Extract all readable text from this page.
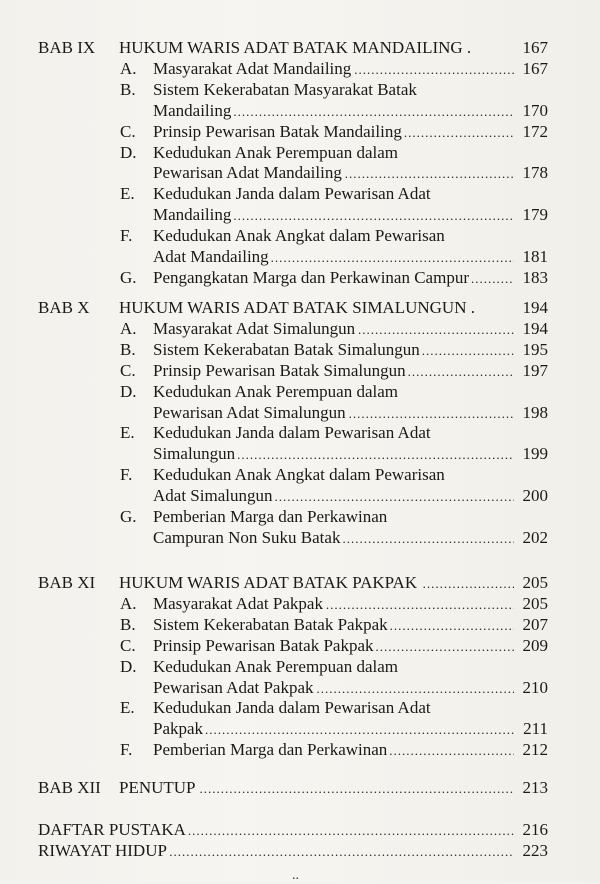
..
BAB IX HUKUM WARIS ADAT BATAK MANDAILING .	167
A. Masyarakat Adat Mandailing	167
.....
B. Sistem Kekerabatan Masyarakat Batak
Mandailing	170
.....
C. Prinsip Pewarisan Batak Mandailing	172
.....
D. Kedudukan Anak Perempuan dalam
Pewarisan Adat Mandailing	178
.....
E. Kedudukan Janda dalam Pewarisan Adat
Mandailing	179
.....
F. Kedudukan Anak Angkat dalam Pewarisan
Adat Mandailing	181
.....
G. Pengangkatan Marga dan Perkawinan Campur	183
.....
BAB X HUKUM WARIS ADAT BATAK SIMALUNGUN .	194
A. Masyarakat Adat Simalungun	194
.....
B. Sistem Kekerabatan Batak Simalungun	195
.....
C. Prinsip Pewarisan Batak Simalungun	197
.....
D. Kedudukan Anak Perempuan dalam
Pewarisan Adat Simalungun	198
.....
E. Kedudukan Janda dalam Pewarisan Adat
Simalungun	199
.....
F. Kedudukan Anak Angkat dalam Pewarisan
Adat Simalungun	200
.....
G. Pemberian Marga dan Perkawinan
Campuran Non Suku Batak	202
.....
BAB XI HUKUM WARIS ADAT BATAK PAKPAK	205
.....
A. Masyarakat Adat Pakpak	205
.....
B. Sistem Kekerabatan Batak Pakpak	207
.....
C. Prinsip Pewarisan Batak Pakpak	209
.....
D. Kedudukan Anak Perempuan dalam
Pewarisan Adat Pakpak	210
.....
E. Kedudukan Janda dalam Pewarisan Adat
Pakpak	211
.....
F. Pemberian Marga dan Perkawinan	212
.....
BAB XII PENUTUP	213
.....
DAFTAR PUSTAKA	216
.....
RIWAYAT HIDUP	223
.....
